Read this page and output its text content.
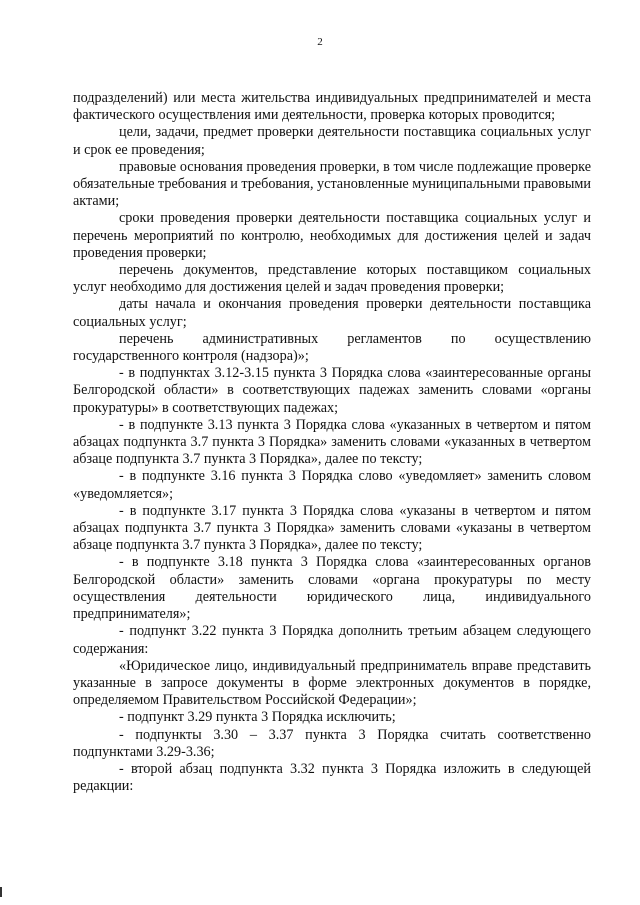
2

подразделений) или места жительства индивидуальных предпринимателей и места фактического осуществления ими деятельности, проверка которых проводится;

цели, задачи, предмет проверки деятельности поставщика социальных услуг и срок ее проведения;

правовые основания проведения проверки, в том числе подлежащие проверке обязательные требования и требования, установленные муниципальными правовыми актами;

сроки проведения проверки деятельности поставщика социальных услуг и перечень мероприятий по контролю, необходимых для достижения целей и задач проведения проверки;

перечень документов, представление которых поставщиком социальных услуг необходимо для достижения целей и задач проведения проверки;

даты начала и окончания проведения проверки деятельности поставщика социальных услуг;

перечень административных регламентов по осуществлению государственного контроля (надзора)»;

- в подпунктах 3.12-3.15 пункта 3 Порядка слова «заинтересованные органы Белгородской области» в соответствующих падежах заменить словами «органы прокуратуры» в соответствующих падежах;

- в подпункте 3.13 пункта 3 Порядка слова «указанных в четвертом и пятом абзацах подпункта 3.7 пункта 3 Порядка» заменить словами «указанных в четвертом абзаце подпункта 3.7 пункта 3 Порядка», далее по тексту;

- в подпункте 3.16 пункта 3 Порядка слово «уведомляет» заменить словом «уведомляется»;

- в подпункте 3.17 пункта 3 Порядка слова «указаны в четвертом и пятом абзацах подпункта 3.7 пункта 3 Порядка» заменить словами «указаны в четвертом абзаце подпункта 3.7 пункта 3 Порядка», далее по тексту;

- в подпункте 3.18 пункта 3 Порядка слова «заинтересованных органов Белгородской области» заменить словами «органа прокуратуры по месту осуществления деятельности юридического лица, индивидуального предпринимателя»;

- подпункт 3.22 пункта 3 Порядка дополнить третьим абзацем следующего содержания:

«Юридическое лицо, индивидуальный предприниматель вправе представить указанные в запросе документы в форме электронных документов в порядке, определяемом Правительством Российской Федерации»;

- подпункт 3.29 пункта 3 Порядка исключить;

- подпункты 3.30 – 3.37 пункта 3 Порядка считать соответственно подпунктами 3.29-3.36;

- второй абзац подпункта 3.32 пункта 3 Порядка изложить в следующей редакции:
